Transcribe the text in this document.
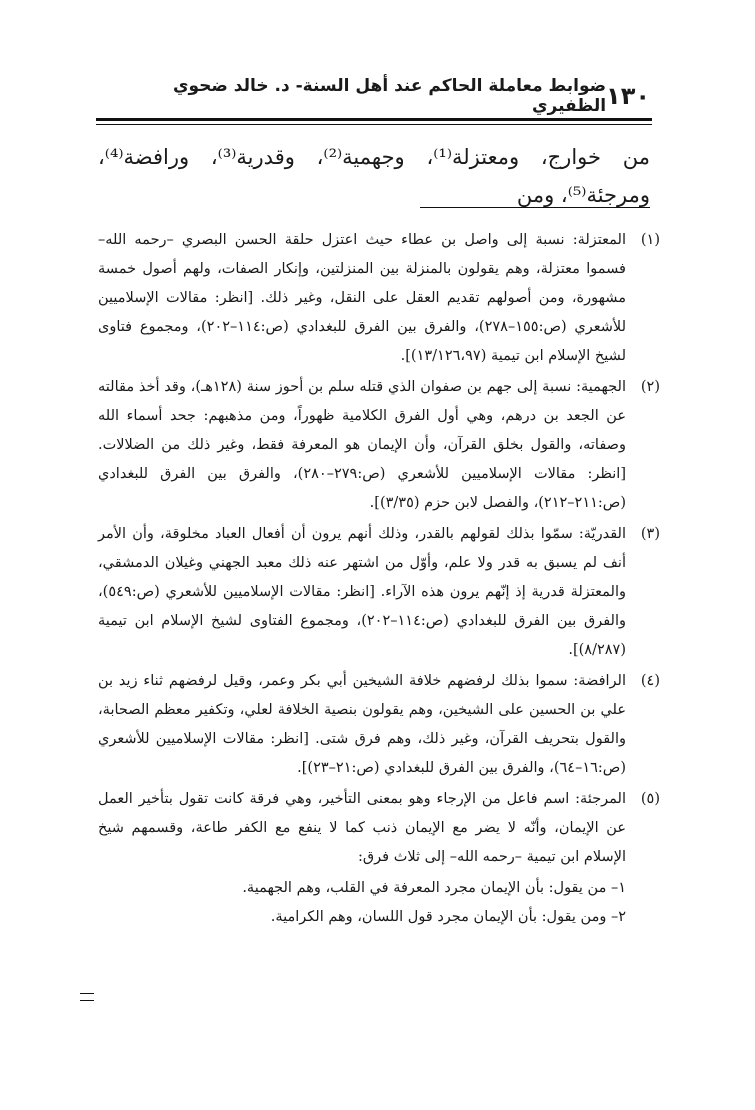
١٣٠
ضوابط معاملة الحاكم عند أهل السنة- د. خالد ضحوي الظفيري
من خوارج، ومعتزلة⁽¹⁾، وجهمية⁽²⁾، وقدرية⁽³⁾، ورافضة⁽⁴⁾، ومرجئة⁽⁵⁾، ومن
(١)
المعتزلة: نسبة إلى واصل بن عطاء حيث اعتزل حلقة الحسن البصري –رحمه الله– فسموا معتزلة، وهم يقولون بالمنزلة بين المنزلتين، وإنكار الصفات، ولهم أصول خمسة مشهورة، ومن أصولهم تقديم العقل على النقل، وغير ذلك. [انظر: مقالات الإسلاميين للأشعري (ص:١٥٥–٢٧٨)، والفرق بين الفرق للبغدادي (ص:١١٤–٢٠٢)، ومجموع فتاوى لشيخ الإسلام ابن تيمية (١٣/١٢٦،٩٧)].
(٢)
الجهمية: نسبة إلى جهم بن صفوان الذي قتله سلم بن أحوز سنة (١٢٨هـ)، وقد أخذ مقالته عن الجعد بن درهم، وهي أول الفرق الكلامية ظهوراً، ومن مذهبهم: جحد أسماء الله وصفاته، والقول بخلق القرآن، وأن الإيمان هو المعرفة فقط، وغير ذلك من الضلالات. [انظر: مقالات الإسلاميين للأشعري (ص:٢٧٩–٢٨٠)، والفرق بين الفرق للبغدادي (ص:٢١١–٢١٢)، والفصل لابن حزم (٣/٣٥)].
(٣)
القدريّة: سمّوا بذلك لقولهم بالقدر، وذلك أنهم يرون أن أفعال العباد مخلوقة، وأن الأمر أنف لم يسبق به قدر ولا علم، وأوّل من اشتهر عنه ذلك معبد الجهني وغيلان الدمشقي، والمعتزلة قدرية إذ إنّهم يرون هذه الآراء. [انظر: مقالات الإسلاميين للأشعري (ص:٥٤٩)، والفرق بين الفرق للبغدادي (ص:١١٤–٢٠٢)، ومجموع الفتاوى لشيخ الإسلام ابن تيمية (٨/٢٨٧)].
(٤)
الرافضة: سموا بذلك لرفضهم خلافة الشيخين أبي بكر وعمر، وقيل لرفضهم ثناء زيد بن علي بن الحسين على الشيخين، وهم يقولون بنصية الخلافة لعلي، وتكفير معظم الصحابة، والقول بتحريف القرآن، وغير ذلك، وهم فرق شتى. [انظر: مقالات الإسلاميين للأشعري (ص:١٦–٦٤)، والفرق بين الفرق للبغدادي (ص:٢١–٢٣)].
(٥)
المرجئة: اسم فاعل من الإرجاء وهو بمعنى التأخير، وهي فرقة كانت تقول بتأخير العمل عن الإيمان، وأنّه لا يضر مع الإيمان ذنب كما لا ينفع مع الكفر طاعة، وقسمهم شيخ الإسلام ابن تيمية –رحمه الله– إلى ثلاث فرق:
١– من يقول: بأن الإيمان مجرد المعرفة في القلب، وهم الجهمية.
٢– ومن يقول: بأن الإيمان مجرد قول اللسان، وهم الكرامية.
